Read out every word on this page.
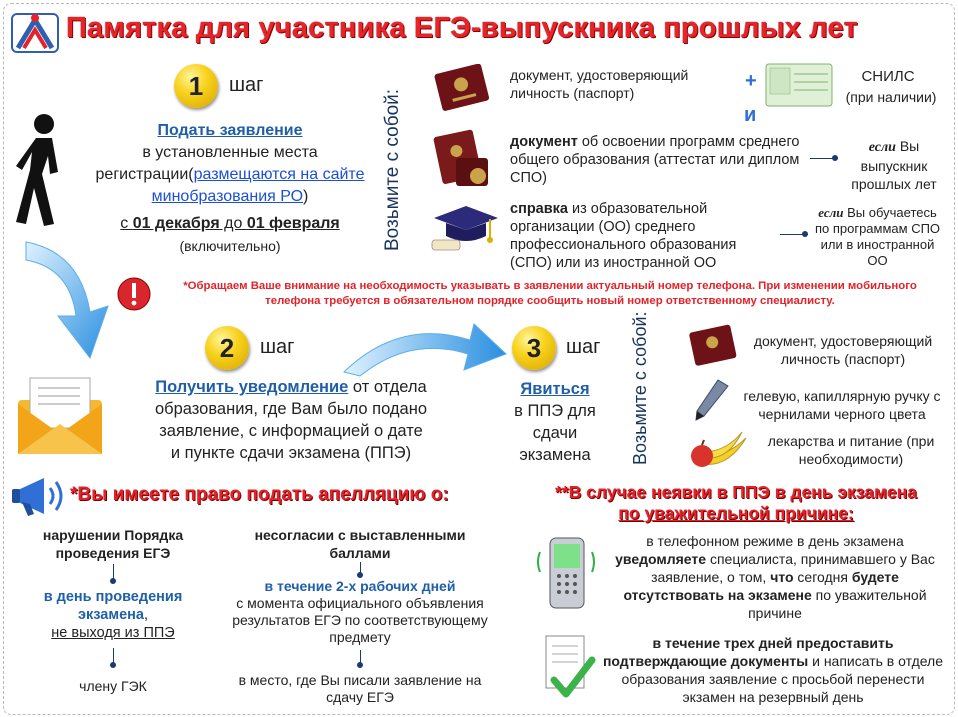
Памятка для участника ЕГЭ-выпускника прошлых лет
1	шаг
Подать заявление
в установленные места
регистрации(размещаются на сайте минобразования РО)
с 01 декабря до 01 февраля
(включительно)	Возьмите с собой:
документ, удостоверяющий личность (паспорт)
+	СНИЛС
(при наличии)
и
документ об освоении программ среднего общего образования (аттестат или диплом СПО)
если Вы выпускник прошлых лет
справка из образовательной организации (ОО) среднего профессионального образования (СПО) или из иностранной ОО
если Вы обучаетесь по программам СПО или в иностранной ОО
*Обращаем Ваше внимание на необходимость указывать в заявлении актуальный номер телефона. При изменении мобильного телефона требуется в обязательном порядке сообщить новый номер ответственному специалисту.
2	шаг
Получить уведомление от отдела
образования, где Вам было подано
заявление, с информацией о дате
и пункте сдачи экзамена (ППЭ)
3	шаг
Явиться
в ППЭ для
сдачи
экзамена	Возьмите с собой:	документ, удостоверяющий личность (паспорт)
гелевую, капиллярную ручку с чернилами черного цвета
лекарства и питание (при необходимости)
*Вы имеете право подать апелляцию о:
нарушении Порядка проведения ЕГЭ
в день проведения экзамена,
не выходя из ППЭ
члену ГЭК
несогласии с выставленными баллами
в течение 2-х рабочих дней
с момента официального объявления результатов ЕГЭ по соответствующему предмету
в место, где Вы писали заявление на сдачу ЕГЭ
**В случае неявки в ППЭ в день экзамена
по уважительной причине:
в телефонном режиме в день экзамена уведомляете специалиста, принимавшего у Вас заявление, о том, что сегодня будете отсутствовать на экзамене по уважительной причине
в течение трех дней предоставить подтверждающие документы и написать в отделе образования заявление с просьбой перенести экзамен на резервный день
